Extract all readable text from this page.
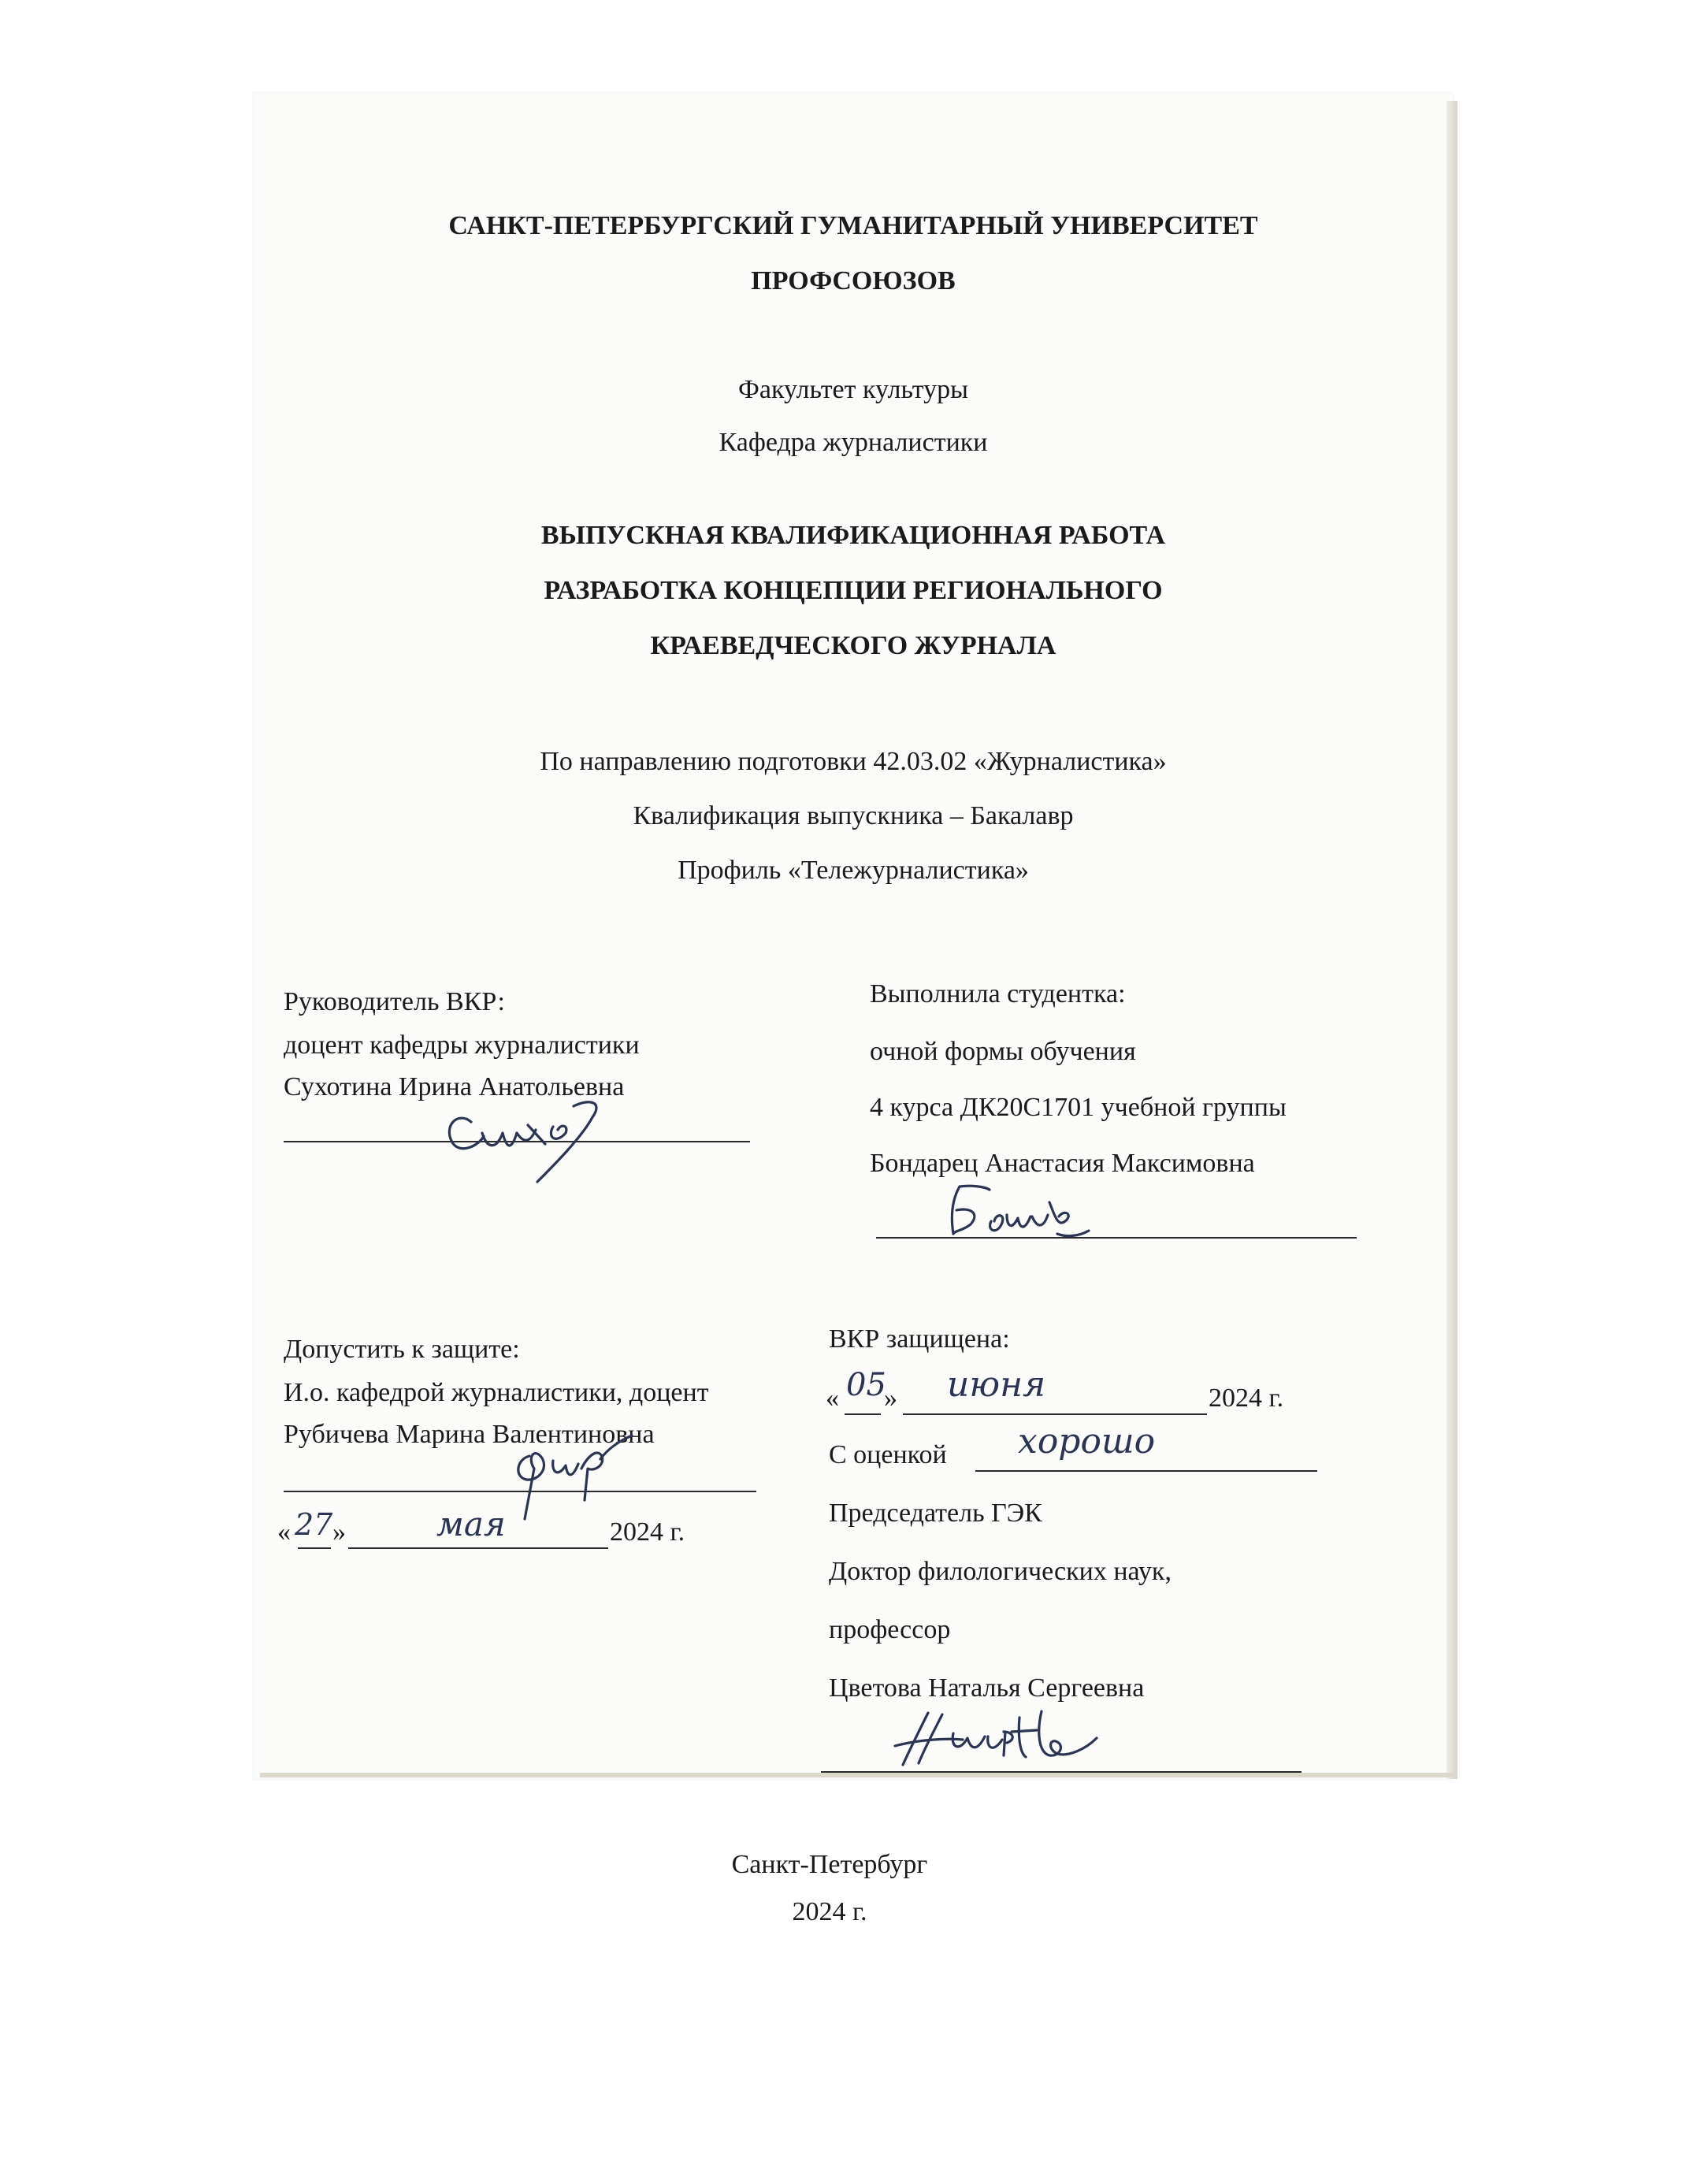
САНКТ-ПЕТЕРБУРГСКИЙ ГУМАНИТАРНЫЙ УНИВЕРСИТЕТ
ПРОФСОЮЗОВ
Факультет культуры
Кафедра журналистики
ВЫПУСКНАЯ КВАЛИФИКАЦИОННАЯ РАБОТА
РАЗРАБОТКА КОНЦЕПЦИИ РЕГИОНАЛЬНОГО
КРАЕВЕДЧЕСКОГО ЖУРНАЛА
По направлению подготовки 42.03.02 «Журналистика»
Квалификация выпускника – Бакалавр
Профиль «Тележурналистика»
Руководитель ВКР:
доцент кафедры журналистики
Сухотина Ирина Анатольевна
Выполнила студентка:
очной формы обучения
4 курса ДК20С1701 учебной группы
Бондарец Анастасия Максимовна
Допустить к защите:
И.о. кафедрой журналистики, доцент
Рубичева Марина Валентиновна
« 27 »	мая	2024 г.
ВКР защищена:
« 05
» июня	2024 г.
С оценкой хорошо
Председатель ГЭК
Доктор филологических наук,
профессор
Цветова Наталья Сергеевна
Санкт-Петербург
2024 г.
